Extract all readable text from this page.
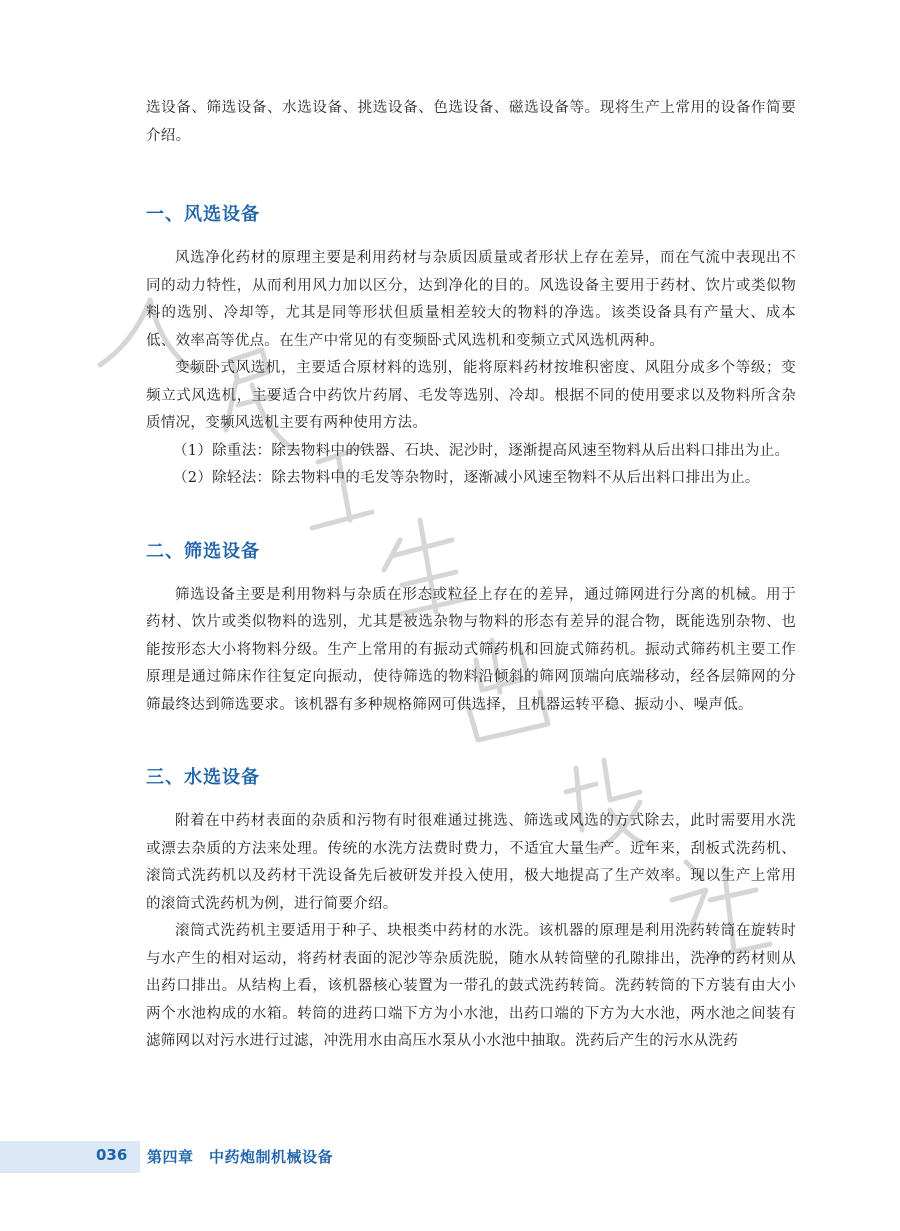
选设备、筛选设备、水选设备、挑选设备、色选设备、磁选设备等。现将生产上常用的设备作简要介绍。

一、风选设备

风选净化药材的原理主要是利用药材与杂质因质量或者形状上存在差异，而在气流中表现出不同的动力特性，从而利用风力加以区分，达到净化的目的。风选设备主要用于药材、饮片或类似物料的选别、冷却等，尤其是同等形状但质量相差较大的物料的净选。该类设备具有产量大、成本低、效率高等优点。在生产中常见的有变频卧式风选机和变频立式风选机两种。

变频卧式风选机，主要适合原材料的选别，能将原料药材按堆积密度、风阻分成多个等级；变频立式风选机，主要适合中药饮片药屑、毛发等选别、冷却。根据不同的使用要求以及物料所含杂质情况，变频风选机主要有两种使用方法。

（1）除重法：除去物料中的铁器、石块、泥沙时，逐渐提高风速至物料从后出料口排出为止。

（2）除轻法：除去物料中的毛发等杂物时，逐渐减小风速至物料不从后出料口排出为止。

二、筛选设备

筛选设备主要是利用物料与杂质在形态或粒径上存在的差异，通过筛网进行分离的机械。用于药材、饮片或类似物料的选别，尤其是被选杂物与物料的形态有差异的混合物，既能选别杂物、也能按形态大小将物料分级。生产上常用的有振动式筛药机和回旋式筛药机。振动式筛药机主要工作原理是通过筛床作往复定向振动，使待筛选的物料沿倾斜的筛网顶端向底端移动，经各层筛网的分筛最终达到筛选要求。该机器有多种规格筛网可供选择，且机器运转平稳、振动小、噪声低。

三、水选设备

附着在中药材表面的杂质和污物有时很难通过挑选、筛选或风选的方式除去，此时需要用水洗或漂去杂质的方法来处理。传统的水洗方法费时费力，不适宜大量生产。近年来，刮板式洗药机、滚筒式洗药机以及药材干洗设备先后被研发并投入使用，极大地提高了生产效率。现以生产上常用的滚筒式洗药机为例，进行简要介绍。

滚筒式洗药机主要适用于种子、块根类中药材的水洗。该机器的原理是利用洗药转筒在旋转时与水产生的相对运动，将药材表面的泥沙等杂质洗脱，随水从转筒壁的孔隙排出，洗净的药材则从出药口排出。从结构上看，该机器核心装置为一带孔的鼓式洗药转筒。洗药转筒的下方装有由大小两个水池构成的水箱。转筒的进药口端下方为小水池，出药口端的下方为大水池，两水池之间装有滤筛网以对污水进行过滤，冲洗用水由高压水泵从小水池中抽取。洗药后产生的污水从洗药

036 第四章　中药炮制机械设备
